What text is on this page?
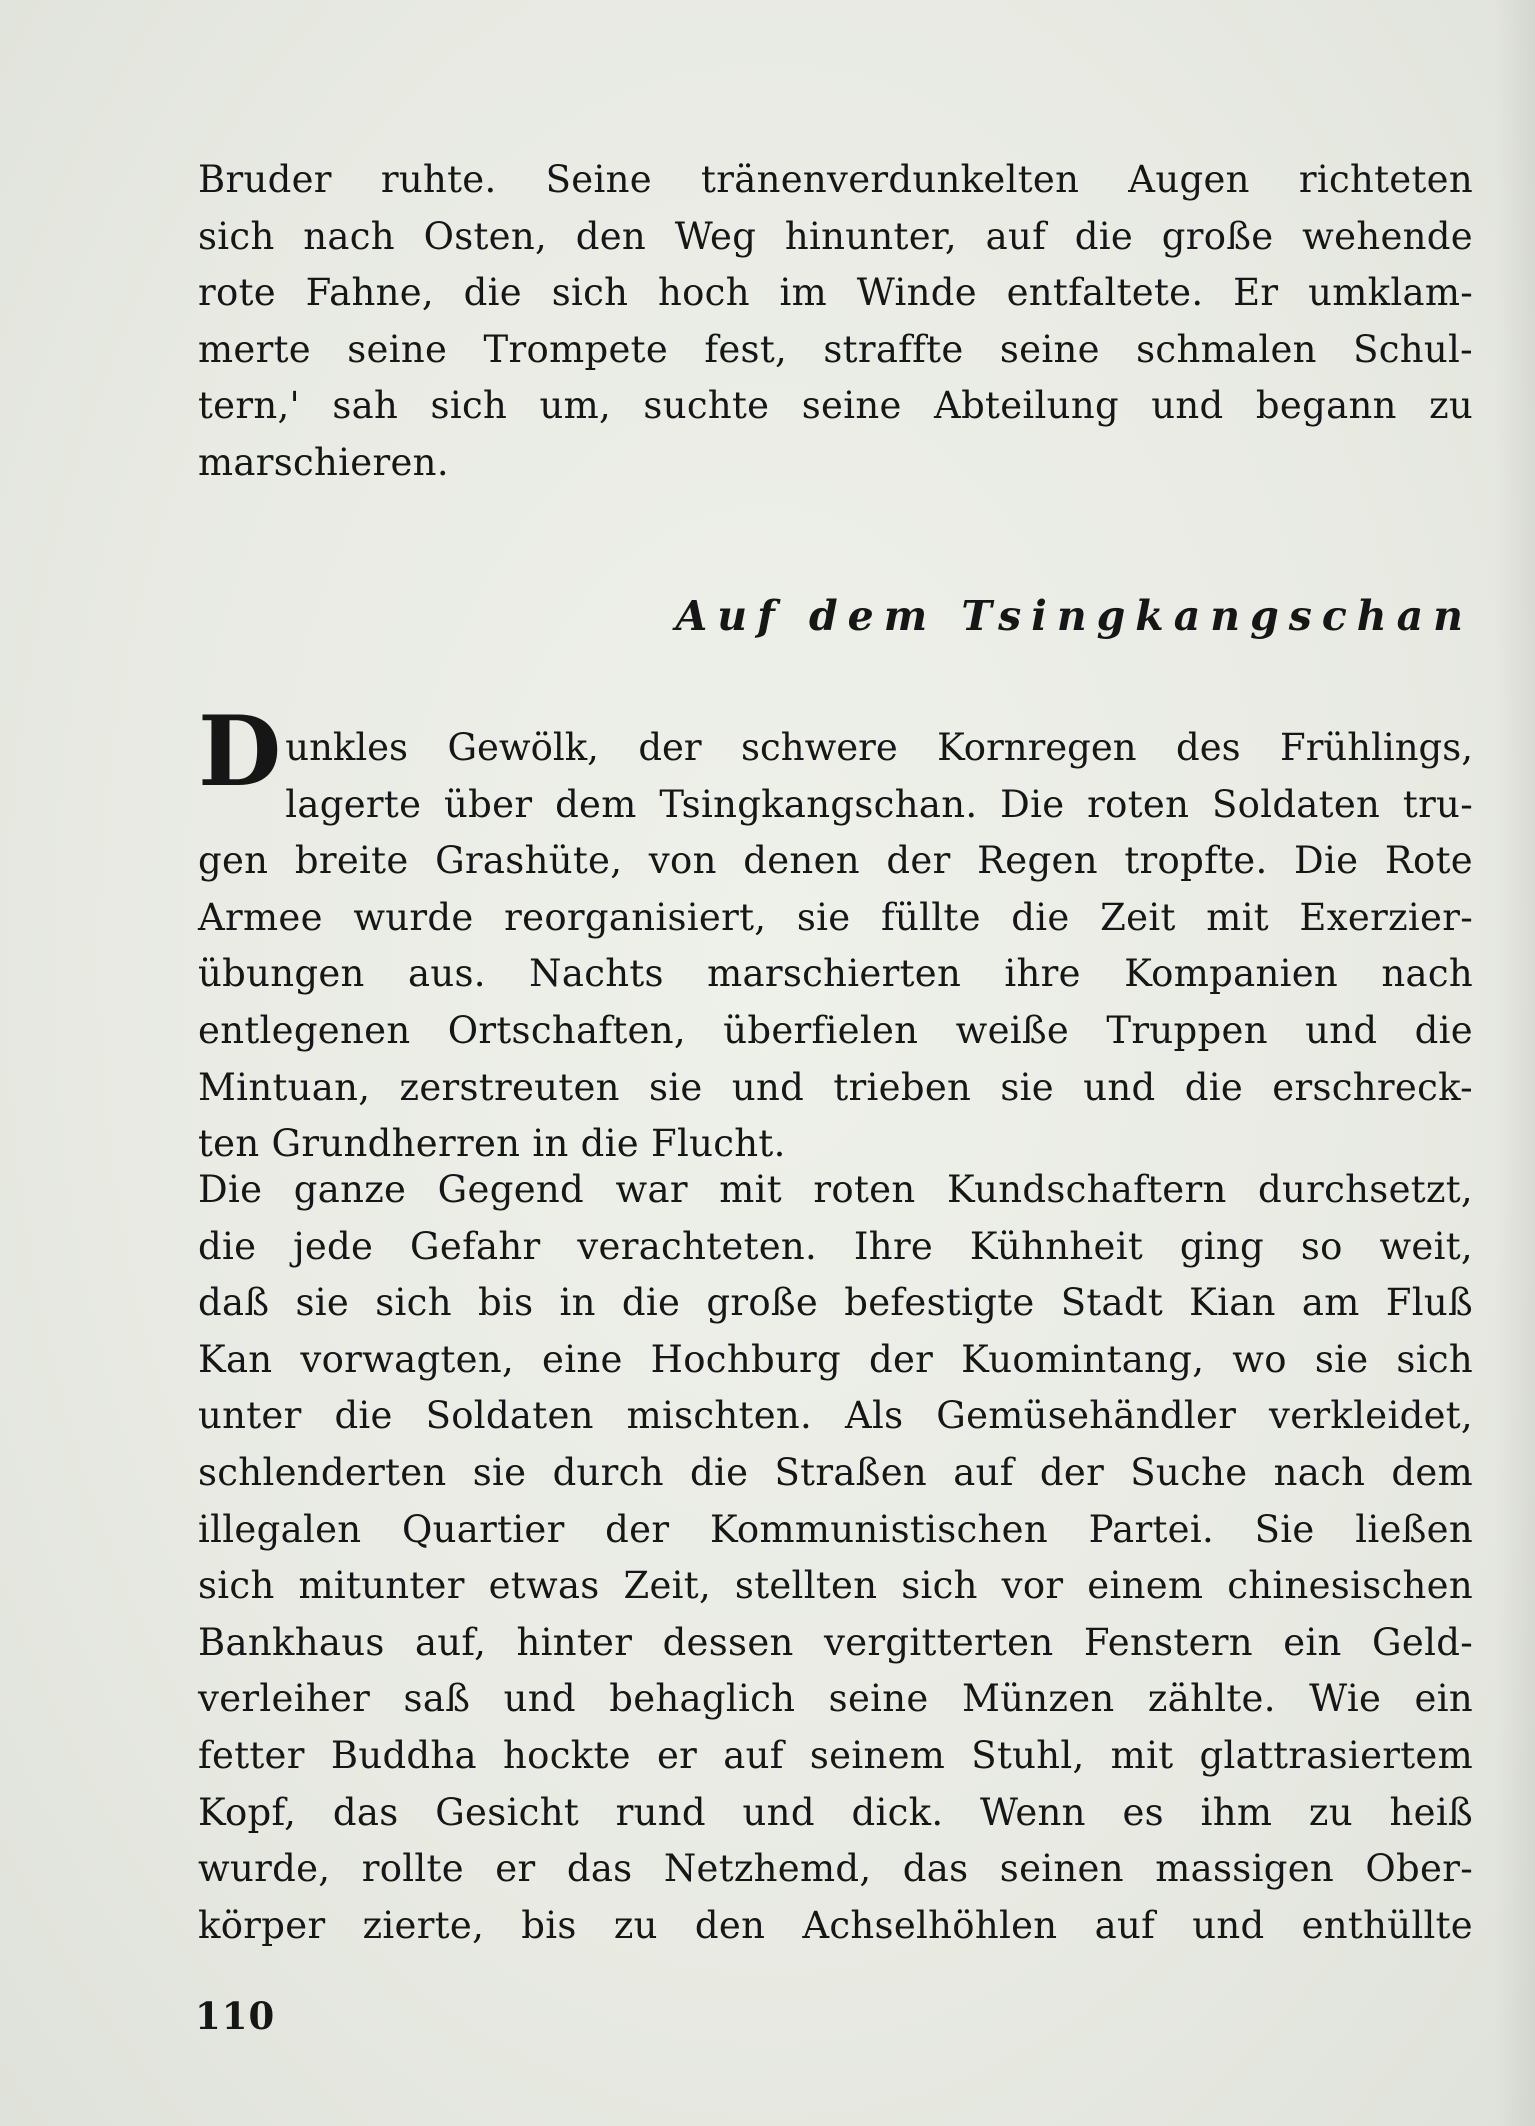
Bruder ruhte. Seine tränenverdunkelten Augen richteten
sich nach Osten, den Weg hinunter, auf die große wehende
rote Fahne, die sich hoch im Winde entfaltete. Er umklam-
merte seine Trompete fest, straffte seine schmalen Schul-
tern,' sah sich um, suchte seine Abteilung und begann zu
marschieren.
Auf dem Tsingkangschan
D unkles Gewölk, der schwere Kornregen des Frühlings,
lagerte über dem Tsingkangschan. Die roten Soldaten tru-
gen breite Grashüte, von denen der Regen tropfte. Die Rote
Armee wurde reorganisiert, sie füllte die Zeit mit Exerzier-
übungen aus. Nachts marschierten ihre Kompanien nach
entlegenen Ortschaften, überfielen weiße Truppen und die
Mintuan, zerstreuten sie und trieben sie und die erschreck-
ten Grundherren in die Flucht.
Die ganze Gegend war mit roten Kundschaftern durchsetzt,
die jede Gefahr verachteten. Ihre Kühnheit ging so weit,
daß sie sich bis in die große befestigte Stadt Kian am Fluß
Kan vorwagten, eine Hochburg der Kuomintang, wo sie sich
unter die Soldaten mischten. Als Gemüsehändler verkleidet,
schlenderten sie durch die Straßen auf der Suche nach dem
illegalen Quartier der Kommunistischen Partei. Sie ließen
sich mitunter etwas Zeit, stellten sich vor einem chinesischen
Bankhaus auf, hinter dessen vergitterten Fenstern ein Geld-
verleiher saß und behaglich seine Münzen zählte. Wie ein
fetter Buddha hockte er auf seinem Stuhl, mit glattrasiertem
Kopf, das Gesicht rund und dick. Wenn es ihm zu heiß
wurde, rollte er das Netzhemd, das seinen massigen Ober-
körper zierte, bis zu den Achselhöhlen auf und enthüllte
110
